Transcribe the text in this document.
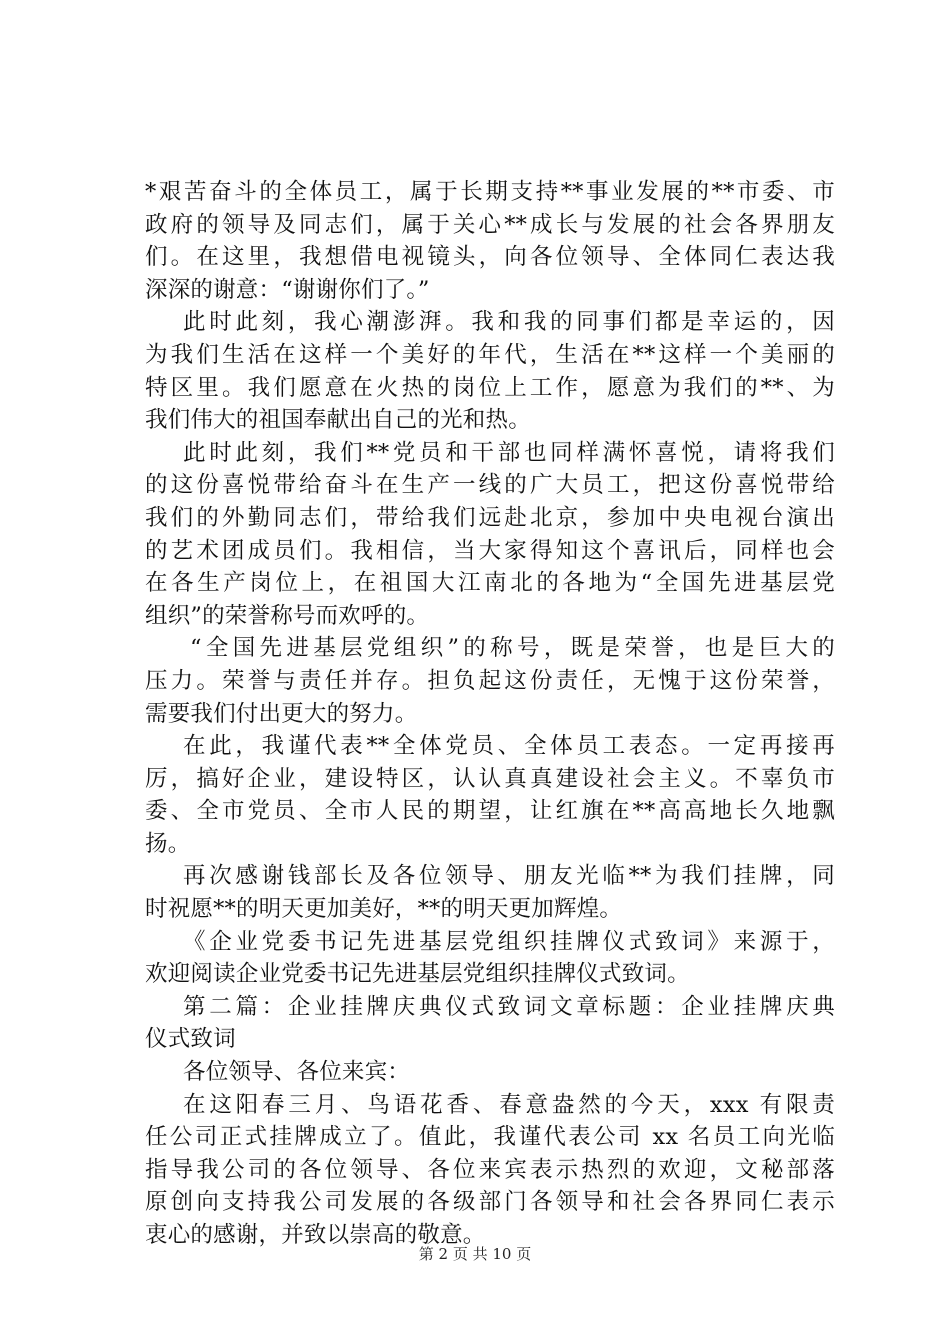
*艰苦奋斗的全体员工，属于长期支持**事业发展的**市委、市
政府的领导及同志们，属于关心**成长与发展的社会各界朋友
们。在这里，我想借电视镜头，向各位领导、全体同仁表达我
深深的谢意：“谢谢你们了。”
此时此刻，我心潮澎湃。我和我的同事们都是幸运的，因
为我们生活在这样一个美好的年代，生活在**这样一个美丽的
特区里。我们愿意在火热的岗位上工作，愿意为我们的**、为
我们伟大的祖国奉献出自己的光和热。
此时此刻，我们**党员和干部也同样满怀喜悦，请将我们
的这份喜悦带给奋斗在生产一线的广大员工，把这份喜悦带给
我们的外勤同志们，带给我们远赴北京，参加中央电视台演出
的艺术团成员们。我相信，当大家得知这个喜讯后，同样也会
在各生产岗位上，在祖国大江南北的各地为“全国先进基层党
组织”的荣誉称号而欢呼的。
“全国先进基层党组织”的称号，既是荣誉，也是巨大的
压力。荣誉与责任并存。担负起这份责任，无愧于这份荣誉，
需要我们付出更大的努力。
在此，我谨代表**全体党员、全体员工表态。一定再接再
厉，搞好企业，建设特区，认认真真建设社会主义。不辜负市
委、全市党员、全市人民的期望，让红旗在**高高地长久地飘
扬。
再次感谢钱部长及各位领导、朋友光临**为我们挂牌，同
时祝愿**的明天更加美好，**的明天更加辉煌。
《企业党委书记先进基层党组织挂牌仪式致词》来源于，
欢迎阅读企业党委书记先进基层党组织挂牌仪式致词。
第二篇：企业挂牌庆典仪式致词文章标题：企业挂牌庆典
仪式致词
各位领导、各位来宾：
在这阳春三月、鸟语花香、春意盎然的今天，xxx 有限责
任公司正式挂牌成立了。值此，我谨代表公司 xx 名员工向光临
指导我公司的各位领导、各位来宾表示热烈的欢迎，文秘部落
原创向支持我公司发展的各级部门各领导和社会各界同仁表示
衷心的感谢，并致以崇高的敬意。
第 2 页 共 10 页
